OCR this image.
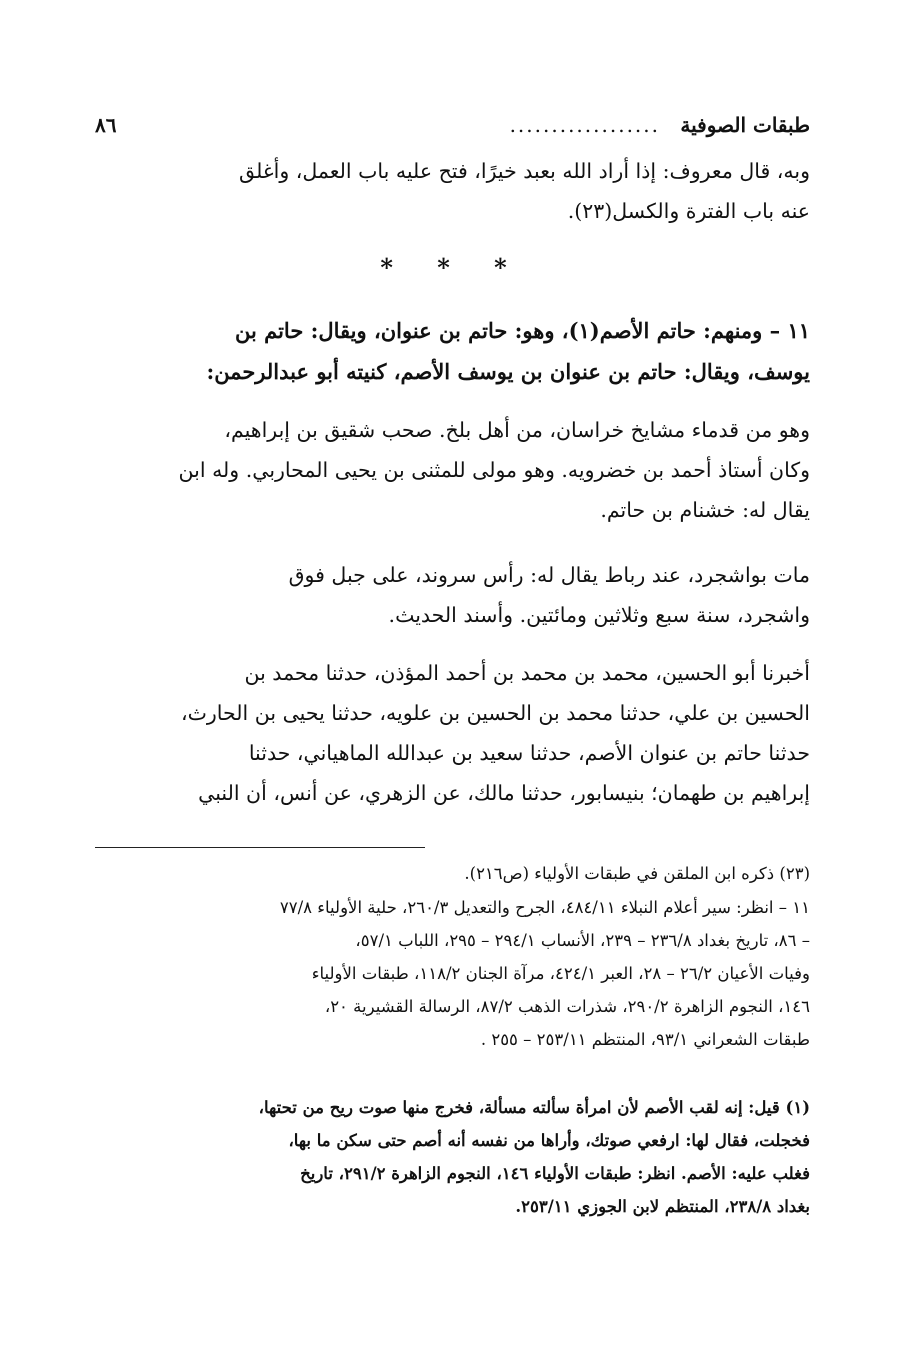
طبقات الصوفية
..................
٨٦
وبه، قال معروف: إذا أراد الله بعبد خيرًا، فتح عليه باب العمل، وأغلق
عنه باب الفترة والكسل(٢٣).
* * *
١١ – ومنهم: حاتم الأصم(١)، وهو: حاتم بن عنوان، ويقال: حاتم بن
يوسف، ويقال: حاتم بن عنوان بن يوسف الأصم، كنيته أبو عبدالرحمن:
وهو من قدماء مشايخ خراسان، من أهل بلخ. صحب شقيق بن إبراهيم،
وكان أستاذ أحمد بن خضرويه. وهو مولى للمثنى بن يحيى المحاربي. وله ابن
يقال له: خشنام بن حاتم.
مات بواشجرد، عند رباط يقال له: رأس سروند، على جبل فوق
واشجرد، سنة سبع وثلاثين ومائتين. وأسند الحديث.
أخبرنا أبو الحسين، محمد بن محمد بن أحمد المؤذن، حدثنا محمد بن
الحسين بن علي، حدثنا محمد بن الحسين بن علويه، حدثنا يحيى بن الحارث،
حدثنا حاتم بن عنوان الأصم، حدثنا سعيد بن عبدالله الماهياني، حدثنا
إبراهيم بن طهمان؛ بنيسابور، حدثنا مالك، عن الزهري، عن أنس، أن النبي
(٢٣) ذكره ابن الملقن في طبقات الأولياء (ص٢١٦).
١١ – انظر: سير أعلام النبلاء ٤٨٤/١١، الجرح والتعديل ٢٦٠/٣، حلية الأولياء ٧٧/٨
– ٨٦، تاريخ بغداد ٢٣٦/٨ – ٢٣٩، الأنساب ٢٩٤/١ – ٢٩٥، اللباب ٥٧/١،
وفيات الأعيان ٢٦/٢ – ٢٨، العبر ٤٢٤/١، مرآة الجنان ١١٨/٢، طبقات الأولياء
١٤٦، النجوم الزاهرة ٢٩٠/٢، شذرات الذهب ٨٧/٢، الرسالة القشيرية ٢٠،
طبقات الشعراني ٩٣/١، المنتظم ٢٥٣/١١ – ٢٥٥ .
(١) قيل: إنه لقب الأصم لأن امرأة سألته مسألة، فخرج منها صوت ريح من تحتها،
فخجلت، فقال لها: ارفعي صوتك، وأراها من نفسه أنه أصم حتى سكن ما بها،
فغلب عليه: الأصم. انظر: طبقات الأولياء ١٤٦، النجوم الزاهرة ٢٩١/٢، تاريخ
بغداد ٢٣٨/٨، المنتظم لابن الجوزي ٢٥٣/١١.
